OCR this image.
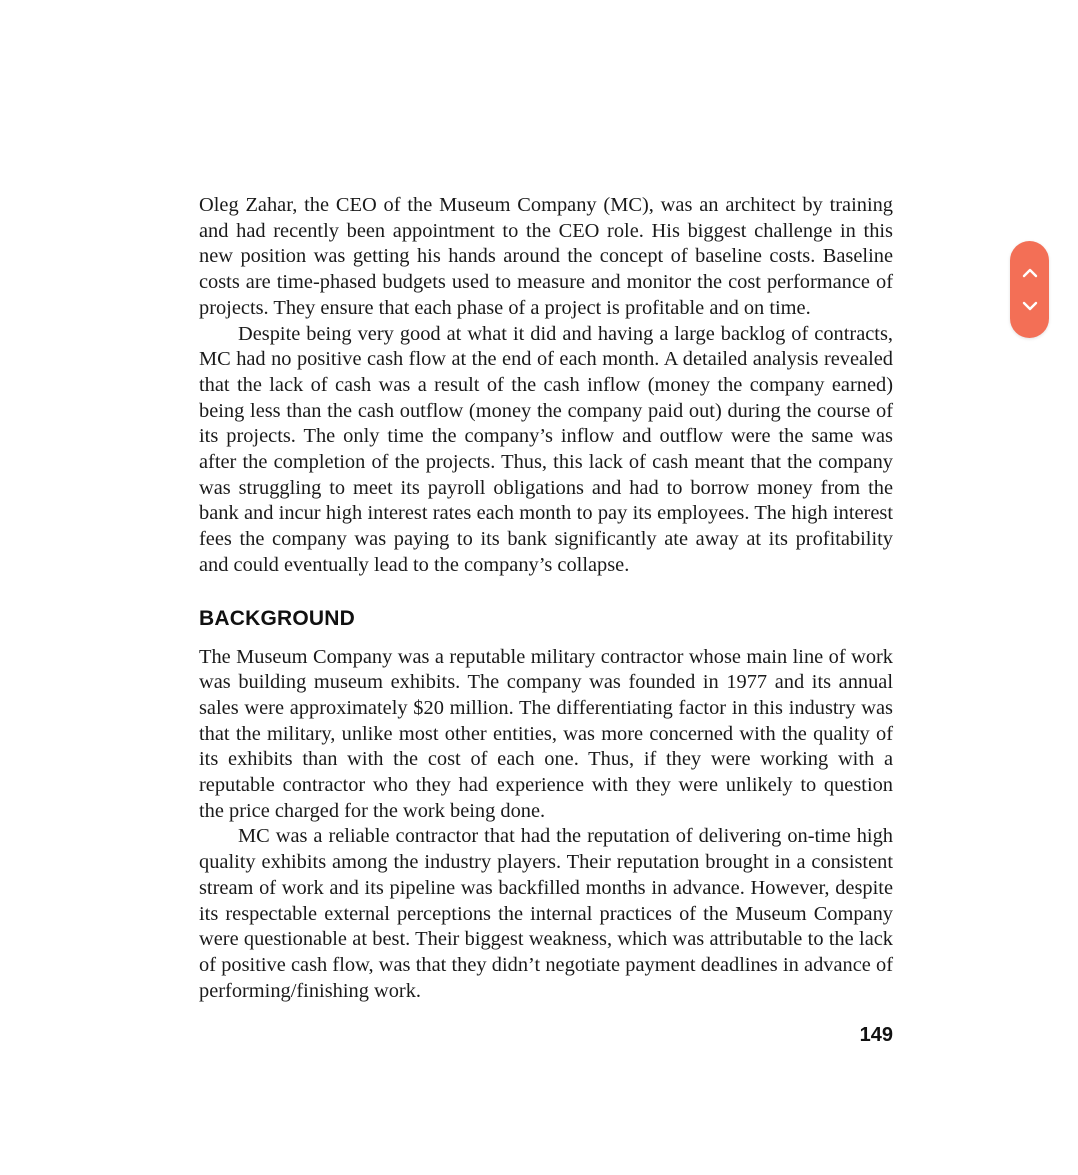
Oleg Zahar, the CEO of the Museum Company (MC), was an architect by training and had recently been appointment to the CEO role. His biggest challenge in this new position was getting his hands around the concept of baseline costs. Baseline costs are time-phased budgets used to measure and monitor the cost performance of projects. They ensure that each phase of a project is profitable and on time.

Despite being very good at what it did and having a large backlog of contracts, MC had no positive cash flow at the end of each month. A detailed analysis revealed that the lack of cash was a result of the cash inflow (money the company earned) being less than the cash outflow (money the company paid out) during the course of its projects. The only time the company’s inflow and outflow were the same was after the completion of the projects. Thus, this lack of cash meant that the company was struggling to meet its payroll obligations and had to borrow money from the bank and incur high interest rates each month to pay its employees. The high interest fees the company was paying to its bank significantly ate away at its profitability and could eventually lead to the company’s collapse.

BACKGROUND

The Museum Company was a reputable military contractor whose main line of work was building museum exhibits. The company was founded in 1977 and its annual sales were approximately $20 million. The differentiating factor in this industry was that the military, unlike most other entities, was more concerned with the quality of its exhibits than with the cost of each one. Thus, if they were working with a reputable contractor who they had experience with they were unlikely to question the price charged for the work being done.

MC was a reliable contractor that had the reputation of delivering on-time high quality exhibits among the industry players. Their reputation brought in a consistent stream of work and its pipeline was backfilled months in advance. However, despite its respectable external perceptions the internal practices of the Museum Company were questionable at best. Their biggest weakness, which was attributable to the lack of positive cash flow, was that they didn’t negotiate payment deadlines in advance of performing/finishing work.

149
